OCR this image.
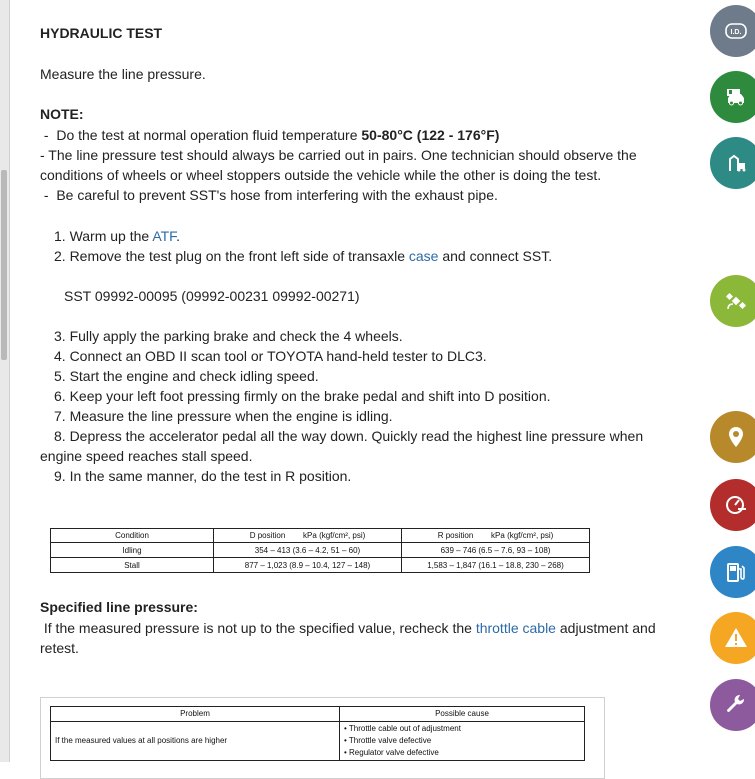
HYDRAULIC TEST
Measure the line pressure.
NOTE:
-  Do the test at normal operation fluid temperature 50-80°C (122 - 176°F)
- The line pressure test should always be carried out in pairs. One technician should observe the conditions of wheels or wheel stoppers outside the vehicle while the other is doing the test.
-  Be careful to prevent SST's hose from interfering with the exhaust pipe.
1. Warm up the ATF.
2. Remove the test plug on the front left side of transaxle case and connect SST.
SST 09992-00095 (09992-00231 09992-00271)
3. Fully apply the parking brake and check the 4 wheels.
4. Connect an OBD II scan tool or TOYOTA hand-held tester to DLC3.
5. Start the engine and check idling speed.
6. Keep your left foot pressing firmly on the brake pedal and shift into D position.
7. Measure the line pressure when the engine is idling.
8. Depress the accelerator pedal all the way down. Quickly read the highest line pressure when engine speed reaches stall speed.
9. In the same manner, do the test in R position.
Condition	D position        kPa (kgf/cm², psi)	R position        kPa (kgf/cm², psi)
Idling	354 – 413 (3.6 – 4.2, 51 – 60)	639 – 746 (6.5 – 7.6, 93 – 108)
Stall	877 – 1,023 (8.9 – 10.4, 127 – 148)	1,583 – 1,847 (16.1 – 18.8, 230 – 268)
Specified line pressure:
If the measured pressure is not up to the specified value, recheck the throttle cable adjustment and retest.
Problem	Possible cause
If the measured values at all positions are higher	• Throttle cable out of adjustment
• Throttle valve defective
• Regulator valve defective
I.D.
